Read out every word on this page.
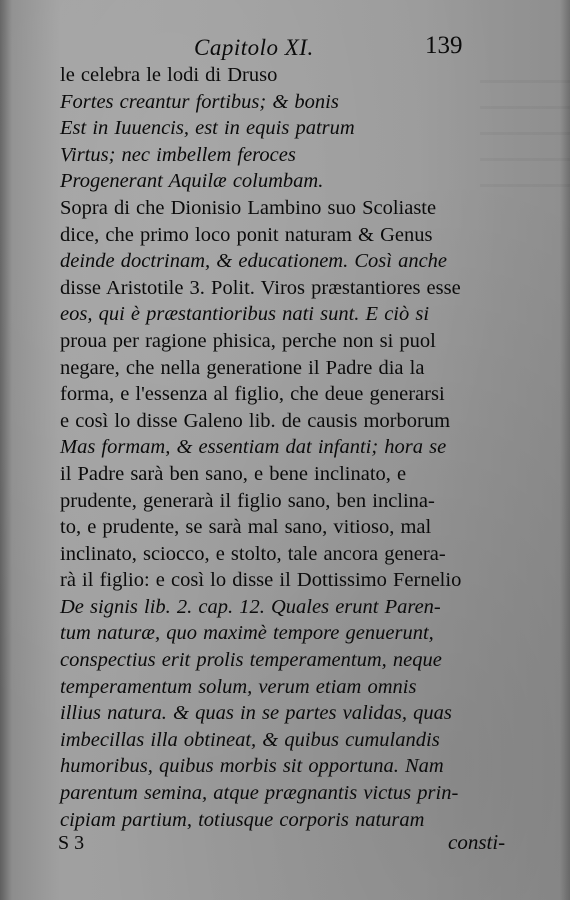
Capitolo XI.	139
le celebra le lodi di Druso
Fortes creantur fortibus; & bonis
Est in Iuuencis, est in equis patrum
Virtus; nec imbellem feroces
Progenerant Aquilæ columbam.
Sopra di che Dionisio Lambino suo Scoliaste
dice, che primo loco ponit naturam & Genus
deinde doctrinam, & educationem. Così anche
disse Aristotile 3. Polit. Viros præstantiores esse
eos, qui è præstantioribus nati sunt. E ciò si
proua per ragione phisica, perche non si puol
negare, che nella generatione il Padre dia la
forma, e l'essenza al figlio, che deue generarsi
e così lo disse Galeno lib. de causis morborum
Mas formam, & essentiam dat infanti; hora se
il Padre sarà ben sano, e bene inclinato, e
prudente, generarà il figlio sano, ben inclina-
to, e prudente, se sarà mal sano, vitioso, mal
inclinato, sciocco, e stolto, tale ancora genera-
rà il figlio: e così lo disse il Dottissimo Fernelio
De signis lib. 2. cap. 12. Quales erunt Paren-
tum naturæ, quo maximè tempore genuerunt,
conspectius erit prolis temperamentum, neque
temperamentum solum, verum etiam omnis
illius natura. & quas in se partes validas, quas
imbecillas illa obtineat, & quibus cumulandis
humoribus, quibus morbis sit opportuna. Nam
parentum semina, atque prægnantis victus prin-
cipiam partium, totiusque corporis naturam
S 3	consti-
